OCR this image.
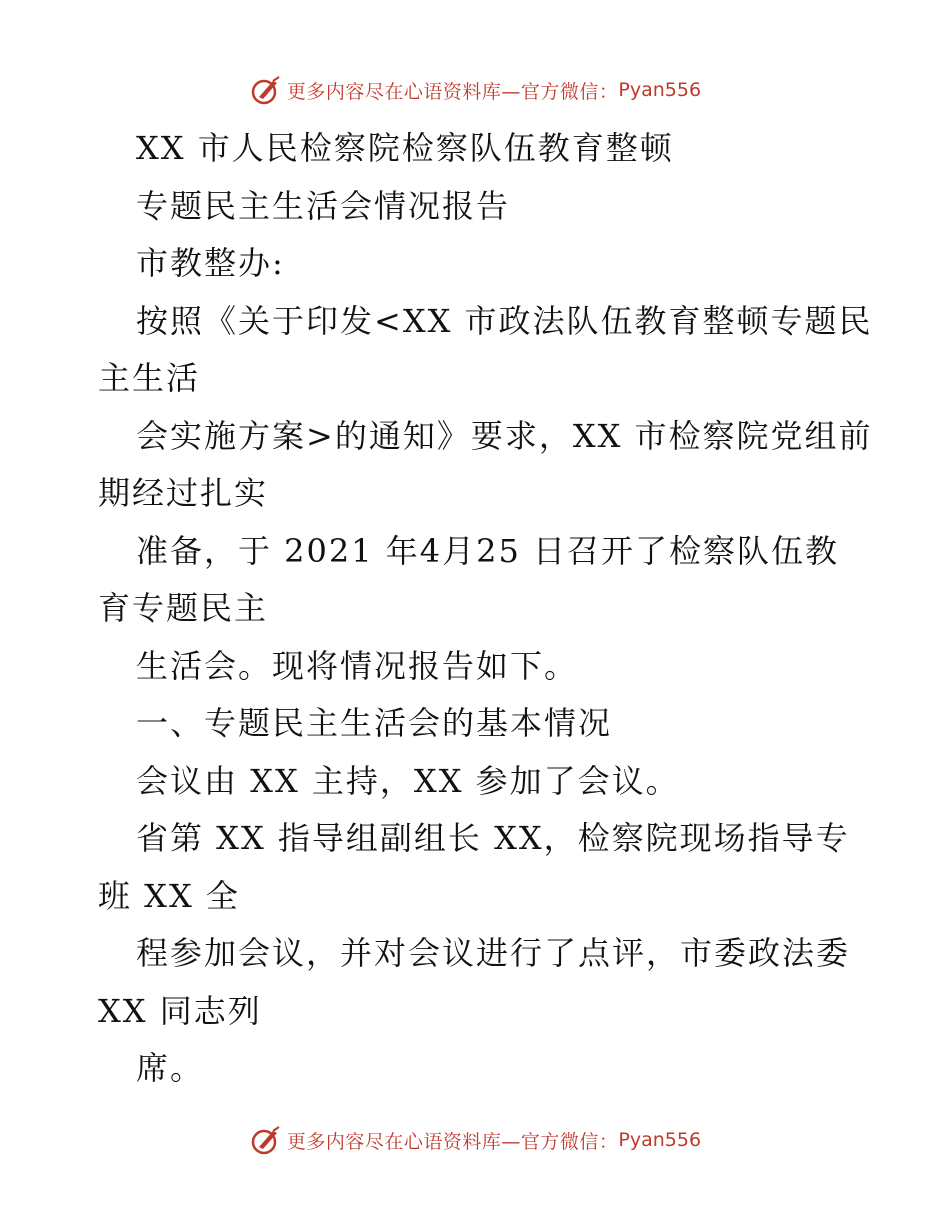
更多内容尽在心语资料库—官方微信： Pyan556
XX 市人民检察院检察队伍教育整顿
专题民主生活会情况报告
市教整办:
按照《关于印发<XX 市政法队伍教育整顿专题民
主生活
会实施方案>的通知》要求，XX 市检察院党组前
期经过扎实
准备，于 2021 年4月25 日召开了检察队伍教
育专题民主
生活会。现将情况报告如下。
一、专题民主生活会的基本情况
会议由 XX 主持，XX 参加了会议。
省第 XX 指导组副组长 XX，检察院现场指导专
班 XX 全
程参加会议，并对会议进行了点评，市委政法委
XX 同志列
席。
更多内容尽在心语资料库—官方微信： Pyan556
